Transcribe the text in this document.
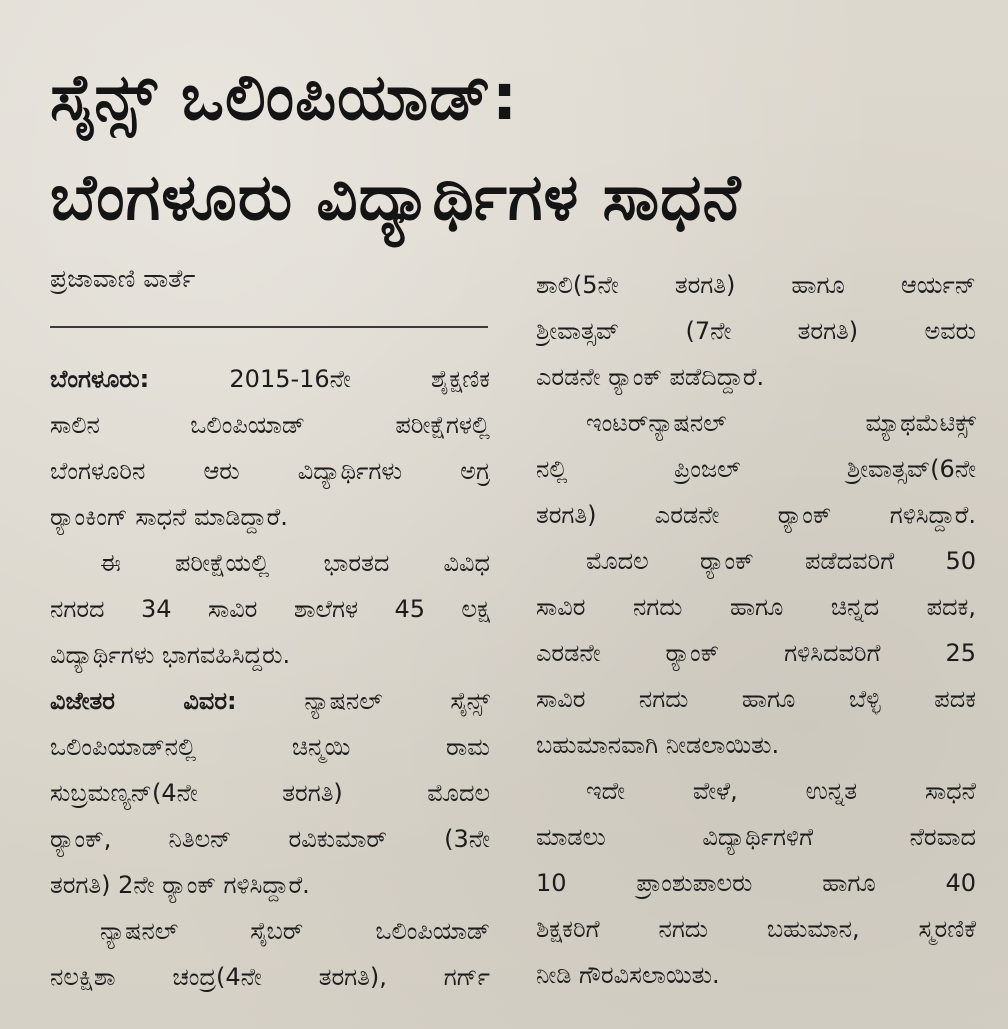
ಸೈನ್ಸ್ ಒಲಿಂಪಿಯಾಡ್:
ಬೆಂಗಳೂರು ವಿದ್ಯಾರ್ಥಿಗಳ ಸಾಧನೆ
ಪ್ರಜಾವಾಣಿ ವಾರ್ತೆ
ಬೆಂಗಳೂರು: 2015-16ನೇ ಶೈಕ್ಷಣಿಕ
ಸಾಲಿನ ಒಲಿಂಪಿಯಾಡ್ ಪರೀಕ್ಷೆಗಳಲ್ಲಿ
ಬೆಂಗಳೂರಿನ ಆರು ವಿದ್ಯಾರ್ಥಿಗಳು ಅಗ್ರ
ರ್‍ಯಾಂಕಿಂಗ್ ಸಾಧನೆ ಮಾಡಿದ್ದಾರೆ.
ಈ ಪರೀಕ್ಷೆಯಲ್ಲಿ ಭಾರತದ ವಿವಿಧ
ನಗರದ 34 ಸಾವಿರ ಶಾಲೆಗಳ 45 ಲಕ್ಷ
ವಿದ್ಯಾರ್ಥಿಗಳು ಭಾಗವಹಿಸಿದ್ದರು.
ವಿಜೇತರ ವಿವರ: ನ್ಯಾಷನಲ್ ಸೈನ್ಸ್
ಒಲಿಂಪಿಯಾಡ್‌ನಲ್ಲಿ ಚಿನ್ಮಯಿ ರಾಮ
ಸುಬ್ರಮಣ್ಯನ್(4ನೇ ತರಗತಿ) ಮೊದಲ
ರ್‍ಯಾಂಕ್, ನಿತಿಲನ್ ರವಿಕುಮಾರ್ (3ನೇ
ತರಗತಿ) 2ನೇ ರ್‍ಯಾಂಕ್ ಗಳಿಸಿದ್ದಾರೆ.
ನ್ಯಾಷನಲ್ ಸೈಬರ್ ಒಲಿಂಪಿಯಾಡ್
ನಲಕ್ಷಿಶಾ ಚಂದ್ರ(4ನೇ ತರಗತಿ), ಗರ್ಗ್
ಶಾಲಿ(5ನೇ ತರಗತಿ) ಹಾಗೂ ಆರ್ಯನ್
ಶ್ರೀವಾತ್ಸವ್ (7ನೇ ತರಗತಿ) ಅವರು
ಎರಡನೇ ರ್‍ಯಾಂಕ್ ಪಡೆದಿದ್ದಾರೆ.
ಇಂಟರ್‌ನ್ಯಾಷನಲ್ ಮ್ಯಾಥಮೆಟಿಕ್ಸ್
ನಲ್ಲಿ ಪ್ರಿಂಜಲ್ ಶ್ರೀವಾತ್ಸವ್(6ನೇ
ತರಗತಿ) ಎರಡನೇ ರ್‍ಯಾಂಕ್ ಗಳಿಸಿದ್ದಾರೆ.
ಮೊದಲ ರ್‍ಯಾಂಕ್ ಪಡೆದವರಿಗೆ 50
ಸಾವಿರ ನಗದು ಹಾಗೂ ಚಿನ್ನದ ಪದಕ,
ಎರಡನೇ ರ್‍ಯಾಂಕ್ ಗಳಿಸಿದವರಿಗೆ 25
ಸಾವಿರ ನಗದು ಹಾಗೂ ಬೆಳ್ಳಿ ಪದಕ
ಬಹುಮಾನವಾಗಿ ನೀಡಲಾಯಿತು.
ಇದೇ ವೇಳೆ, ಉನ್ನತ ಸಾಧನೆ
ಮಾಡಲು ವಿದ್ಯಾರ್ಥಿಗಳಿಗೆ ನೆರವಾದ
10 ಪ್ರಾಂಶುಪಾಲರು ಹಾಗೂ 40
ಶಿಕ್ಷಕರಿಗೆ ನಗದು ಬಹುಮಾನ, ಸ್ಮರಣಿಕೆ
ನೀಡಿ ಗೌರವಿಸಲಾಯಿತು.
